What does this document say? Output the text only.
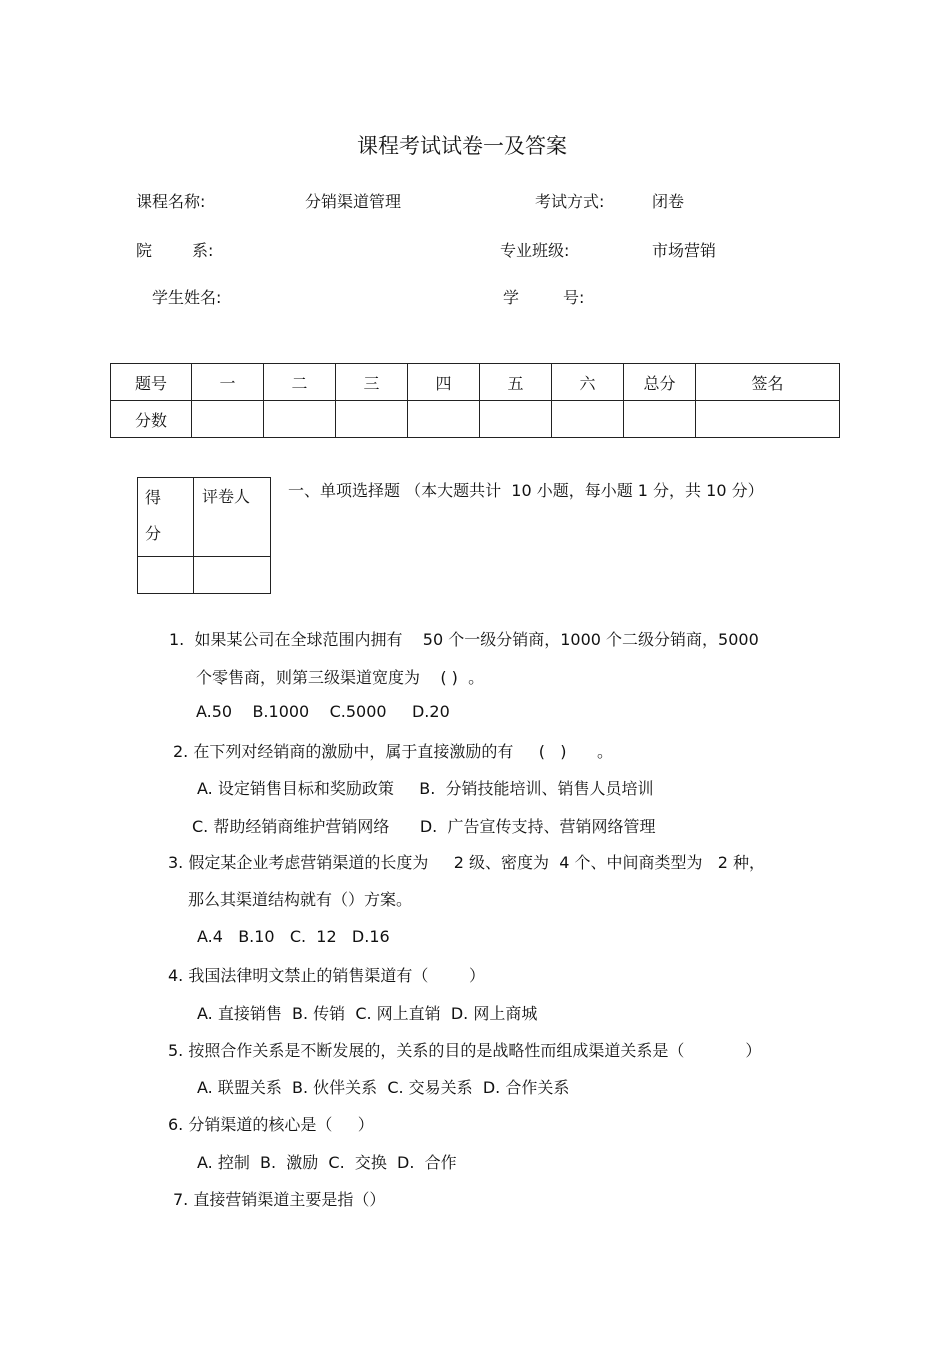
课程考试试卷一及答案
课程名称:	分销渠道管理	考试方式:	闭卷
院 系:	专业班级:	市场营销
学生姓名:	学	号:
题号	一	二	三	四	五	六	总分	签名
分数								
得
分	评卷人
	一、单项选择题 （本大题共计  10 小题，每小题 1 分，共 10 分）
1.  如果某公司在全球范围内拥有    50 个一级分销商，1000 个二级分销商，5000
个零售商，则第三级渠道宽度为    ( )  。
A.50    B.1000    C.5000     D.20
2. 在下列对经销商的激励中，属于直接激励的有     (   )      。
A. 设定销售目标和奖励政策     B.  分销技能培训、销售人员培训
C. 帮助经销商维护营销网络      D.  广告宣传支持、营销网络管理
3. 假定某企业考虑营销渠道的长度为     2 级、密度为  4 个、中间商类型为   2 种，
那么其渠道结构就有（）方案。
A.4   B.10   C.  12   D.16
4. 我国法律明文禁止的销售渠道有（        ）
A. 直接销售  B. 传销  C. 网上直销  D. 网上商城
5. 按照合作关系是不断发展的，关系的目的是战略性而组成渠道关系是（            ）
A. 联盟关系  B. 伙伴关系  C. 交易关系  D. 合作关系
6. 分销渠道的核心是（     ）
A. 控制  B.  激励  C.  交换  D.  合作
7. 直接营销渠道主要是指（）
